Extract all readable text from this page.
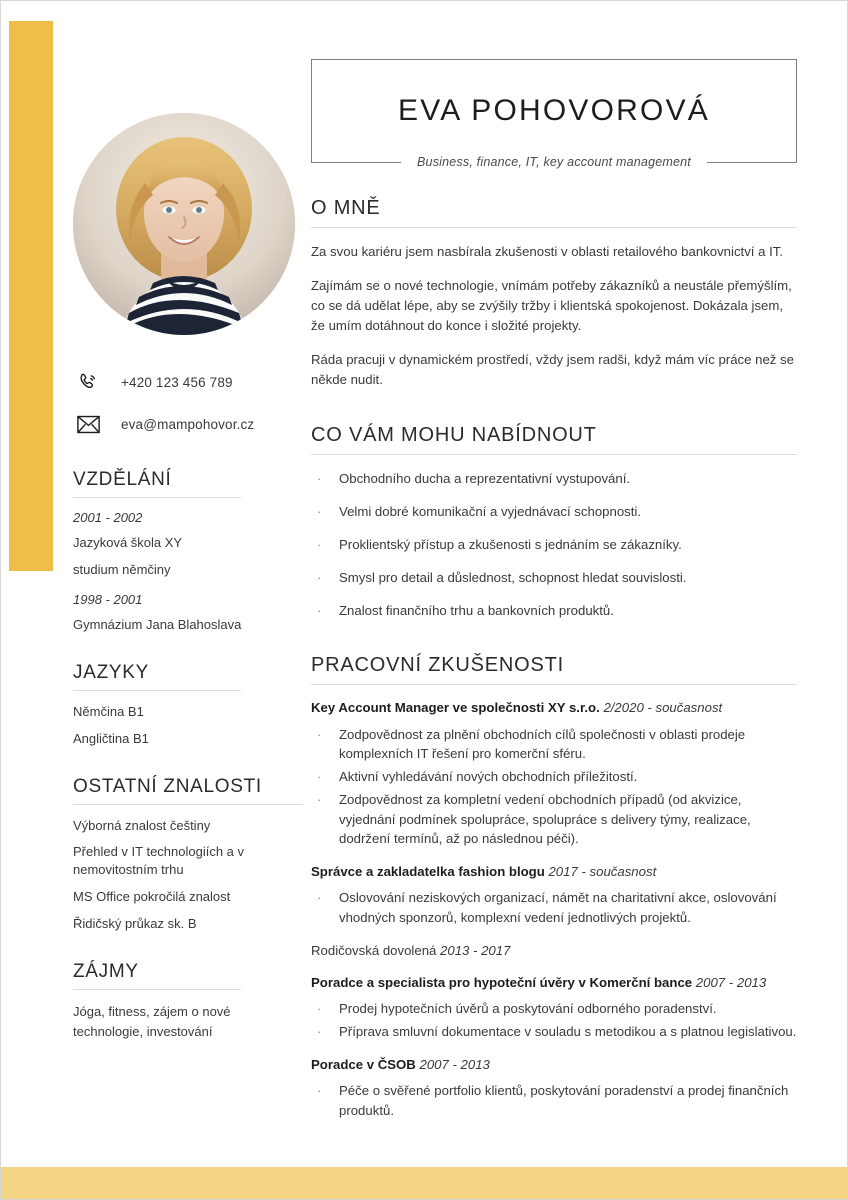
+420 123 456 789
eva@mampohovor.cz
VZDĚLÁNÍ
2001 - 2002
Jazyková škola XY
studium němčiny
1998 - 2001
Gymnázium Jana Blahoslava
JAZYKY
Němčina B1
Angličtina B1
OSTATNÍ ZNALOSTI
Výborná znalost češtiny
Přehled v IT technologiích a v nemovitostním trhu
MS Office pokročilá znalost
Řidičský průkaz sk. B
ZÁJMY
Jóga, fitness, zájem o nové technologie, investování
EVA POHOVOROVÁ
Business, finance, IT, key account management
O MNĚ
Za svou kariéru jsem nasbírala zkušenosti v oblasti retailového bankovnictví a IT.
Zajímám se o nové technologie, vnímám potřeby zákazníků a neustále přemýšlím, co se dá udělat lépe, aby se zvýšily tržby i klientská spokojenost. Dokázala jsem, že umím dotáhnout do konce i složité projekty.
Ráda pracuji v dynamickém prostředí, vždy jsem radši, když mám víc práce než se někde nudit.
CO VÁM MOHU NABÍDNOUT
·	Obchodního ducha a reprezentativní vystupování.
·	Velmi dobré komunikační a vyjednávací schopnosti.
·	Proklientský přístup a zkušenosti s jednáním se zákazníky.
·	Smysl pro detail a důslednost, schopnost hledat souvislosti.
·	Znalost finančního trhu a bankovních produktů.
PRACOVNÍ ZKUŠENOSTI
Key Account Manager ve společnosti XY s.r.o. 2/2020 - současnost
·	Zodpovědnost za plnění obchodních cílů společnosti v oblasti prodeje komplexních IT řešení pro komerční sféru.
·	Aktivní vyhledávání nových obchodních příležitostí.
·	Zodpovědnost za kompletní vedení obchodních případů (od akvizice, vyjednání podmínek spolupráce, spolupráce s delivery týmy, realizace, dodržení termínů, až po následnou péči).
Správce a zakladatelka fashion blogu 2017 - současnost
·	Oslovování neziskových organizací, námět na charitativní akce, oslovování vhodných sponzorů, komplexní vedení jednotlivých projektů.
Rodičovská dovolená 2013 - 2017
Poradce a specialista pro hypoteční úvěry v Komerční bance 2007 - 2013
·	Prodej hypotečních úvěrů a poskytování odborného poradenství.
·	Příprava smluvní dokumentace v souladu s metodikou a s platnou legislativou.
Poradce v ČSOB 2007 - 2013
·	Péče o svěřené portfolio klientů, poskytování poradenství a prodej finančních produktů.
